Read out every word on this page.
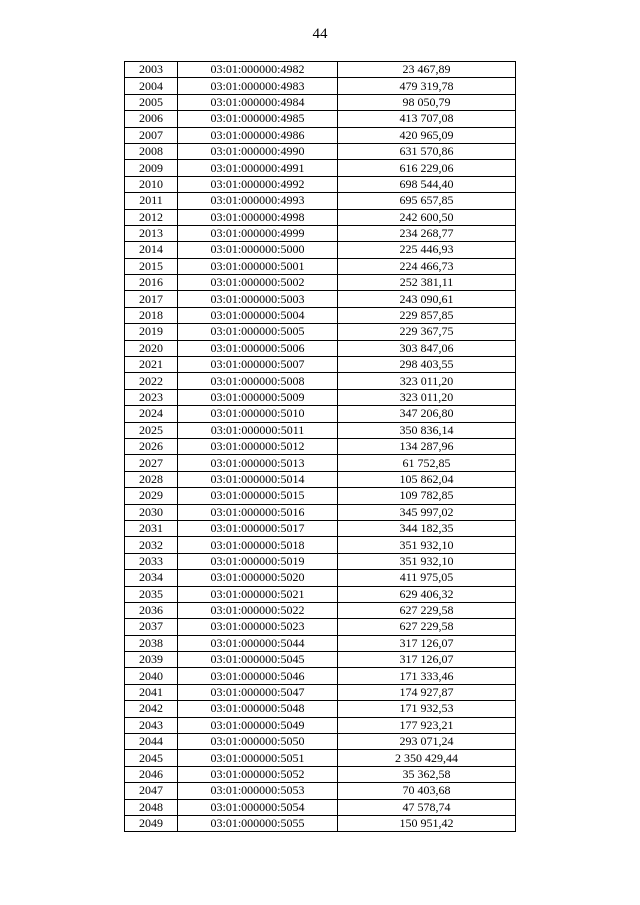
44
2003	03:01:000000:4982	23 467,89
2004	03:01:000000:4983	479 319,78
2005	03:01:000000:4984	98 050,79
2006	03:01:000000:4985	413 707,08
2007	03:01:000000:4986	420 965,09
2008	03:01:000000:4990	631 570,86
2009	03:01:000000:4991	616 229,06
2010	03:01:000000:4992	698 544,40
2011	03:01:000000:4993	695 657,85
2012	03:01:000000:4998	242 600,50
2013	03:01:000000:4999	234 268,77
2014	03:01:000000:5000	225 446,93
2015	03:01:000000:5001	224 466,73
2016	03:01:000000:5002	252 381,11
2017	03:01:000000:5003	243 090,61
2018	03:01:000000:5004	229 857,85
2019	03:01:000000:5005	229 367,75
2020	03:01:000000:5006	303 847,06
2021	03:01:000000:5007	298 403,55
2022	03:01:000000:5008	323 011,20
2023	03:01:000000:5009	323 011,20
2024	03:01:000000:5010	347 206,80
2025	03:01:000000:5011	350 836,14
2026	03:01:000000:5012	134 287,96
2027	03:01:000000:5013	61 752,85
2028	03:01:000000:5014	105 862,04
2029	03:01:000000:5015	109 782,85
2030	03:01:000000:5016	345 997,02
2031	03:01:000000:5017	344 182,35
2032	03:01:000000:5018	351 932,10
2033	03:01:000000:5019	351 932,10
2034	03:01:000000:5020	411 975,05
2035	03:01:000000:5021	629 406,32
2036	03:01:000000:5022	627 229,58
2037	03:01:000000:5023	627 229,58
2038	03:01:000000:5044	317 126,07
2039	03:01:000000:5045	317 126,07
2040	03:01:000000:5046	171 333,46
2041	03:01:000000:5047	174 927,87
2042	03:01:000000:5048	171 932,53
2043	03:01:000000:5049	177 923,21
2044	03:01:000000:5050	293 071,24
2045	03:01:000000:5051	2 350 429,44
2046	03:01:000000:5052	35 362,58
2047	03:01:000000:5053	70 403,68
2048	03:01:000000:5054	47 578,74
2049	03:01:000000:5055	150 951,42
